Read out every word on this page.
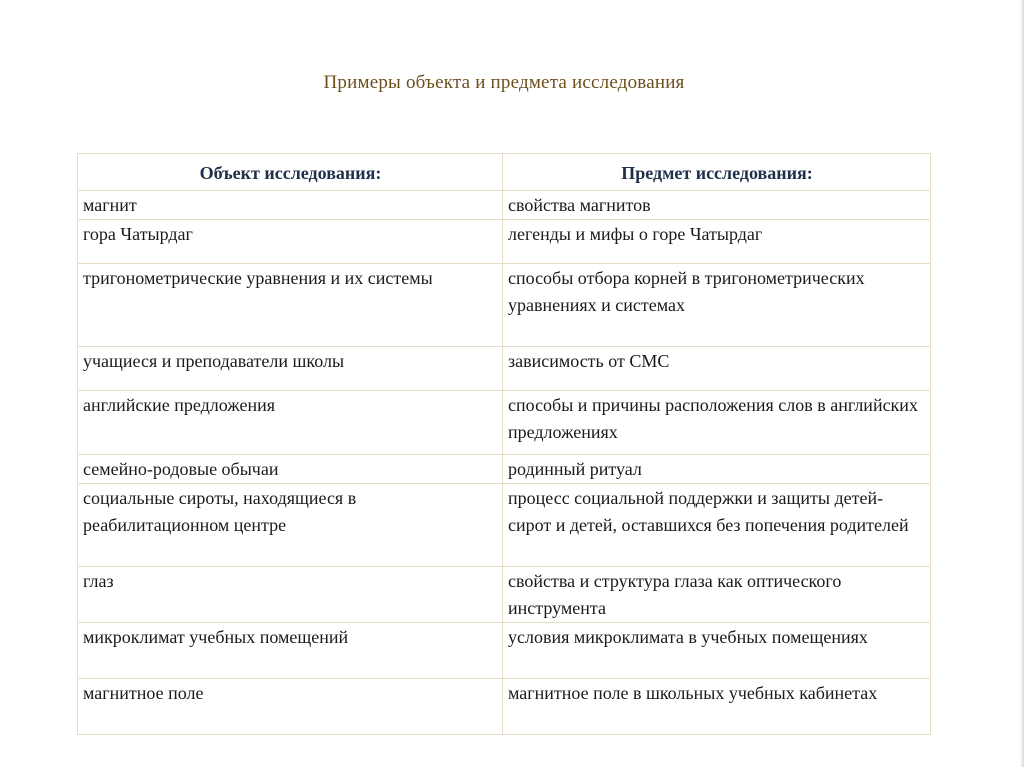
Примеры объекта и предмета исследования
Объект исследования:	Предмет исследования:
магнит	свойства магнитов
гора Чатырдаг	легенды и мифы о горе Чатырдаг
тригонометрические уравнения и их системы	способы отбора корней в тригонометрических уравнениях и системах
учащиеся и преподаватели школы	зависимость от СМС
английские предложения	способы и причины расположения слов в английских предложениях
семейно-родовые обычаи	родинный ритуал
социальные сироты, находящиеся в реабилитационном центре	процесс социальной поддержки и защиты детей-сирот и детей, оставшихся без попечения родителей
глаз	свойства и структура глаза как оптического инструмента
микроклимат учебных помещений	условия микроклимата в учебных помещениях
магнитное поле	магнитное поле в школьных учебных кабинетах
